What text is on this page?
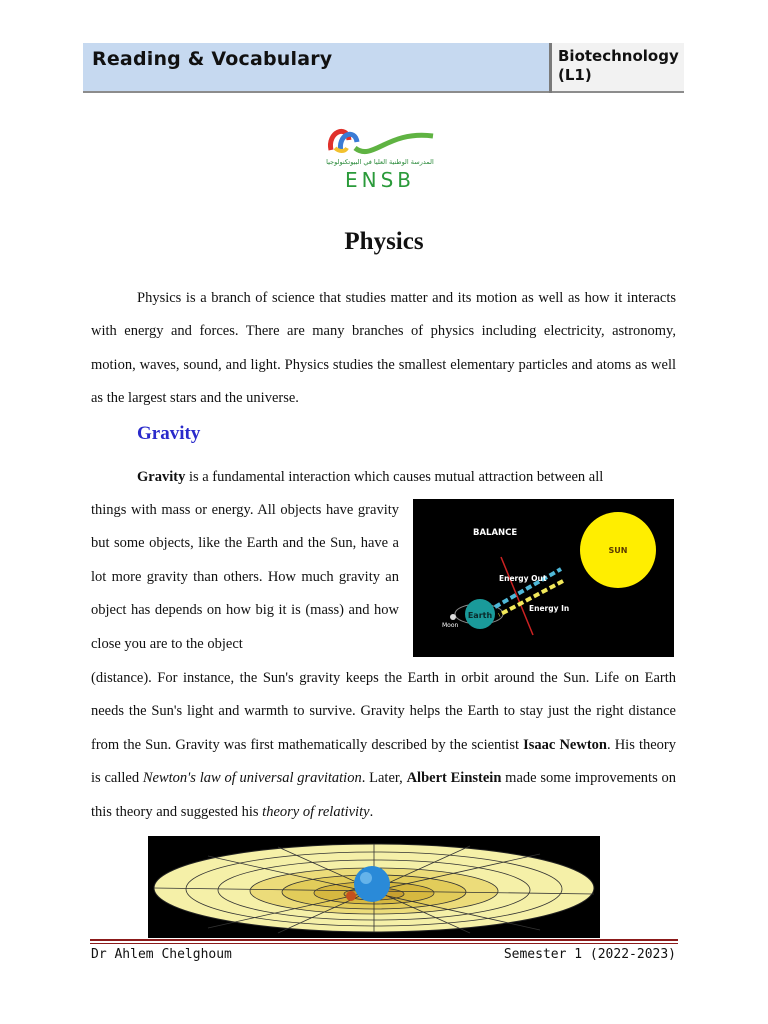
Reading & Vocabulary	Biotechnology
(L1)
المدرسة الوطنية العليا في البيوتكنولوجيا
ENSB
Physics
Physics is a branch of science that studies matter and its motion as well as how it interacts with energy and forces. There are many branches of physics including electricity, astronomy, motion, waves, sound, and light. Physics studies the smallest elementary particles and atoms as well as the largest stars and the universe.
Gravity
Gravity is a fundamental interaction which causes mutual attraction between all
things with mass or energy. All objects have gravity but some objects, like the Earth and the Sun, have a lot more gravity than others. How much gravity an object has depends on how big it is (mass) and how close you are to the object
(distance). For instance, the Sun's gravity keeps the Earth in orbit around the Sun. Life on Earth needs the Sun's light and warmth to survive. Gravity helps the Earth to stay just the right distance from the Sun. Gravity was first mathematically described by the scientist Isaac Newton. His theory is called Newton's law of universal gravitation. Later, Albert Einstein made some improvements on this theory and suggested his theory of relativity.
SUN
BALANCE
Energy Out
Energy In
Earth
Moon
Dr Ahlem Chelghoum	Semester 1 (2022-2023)
